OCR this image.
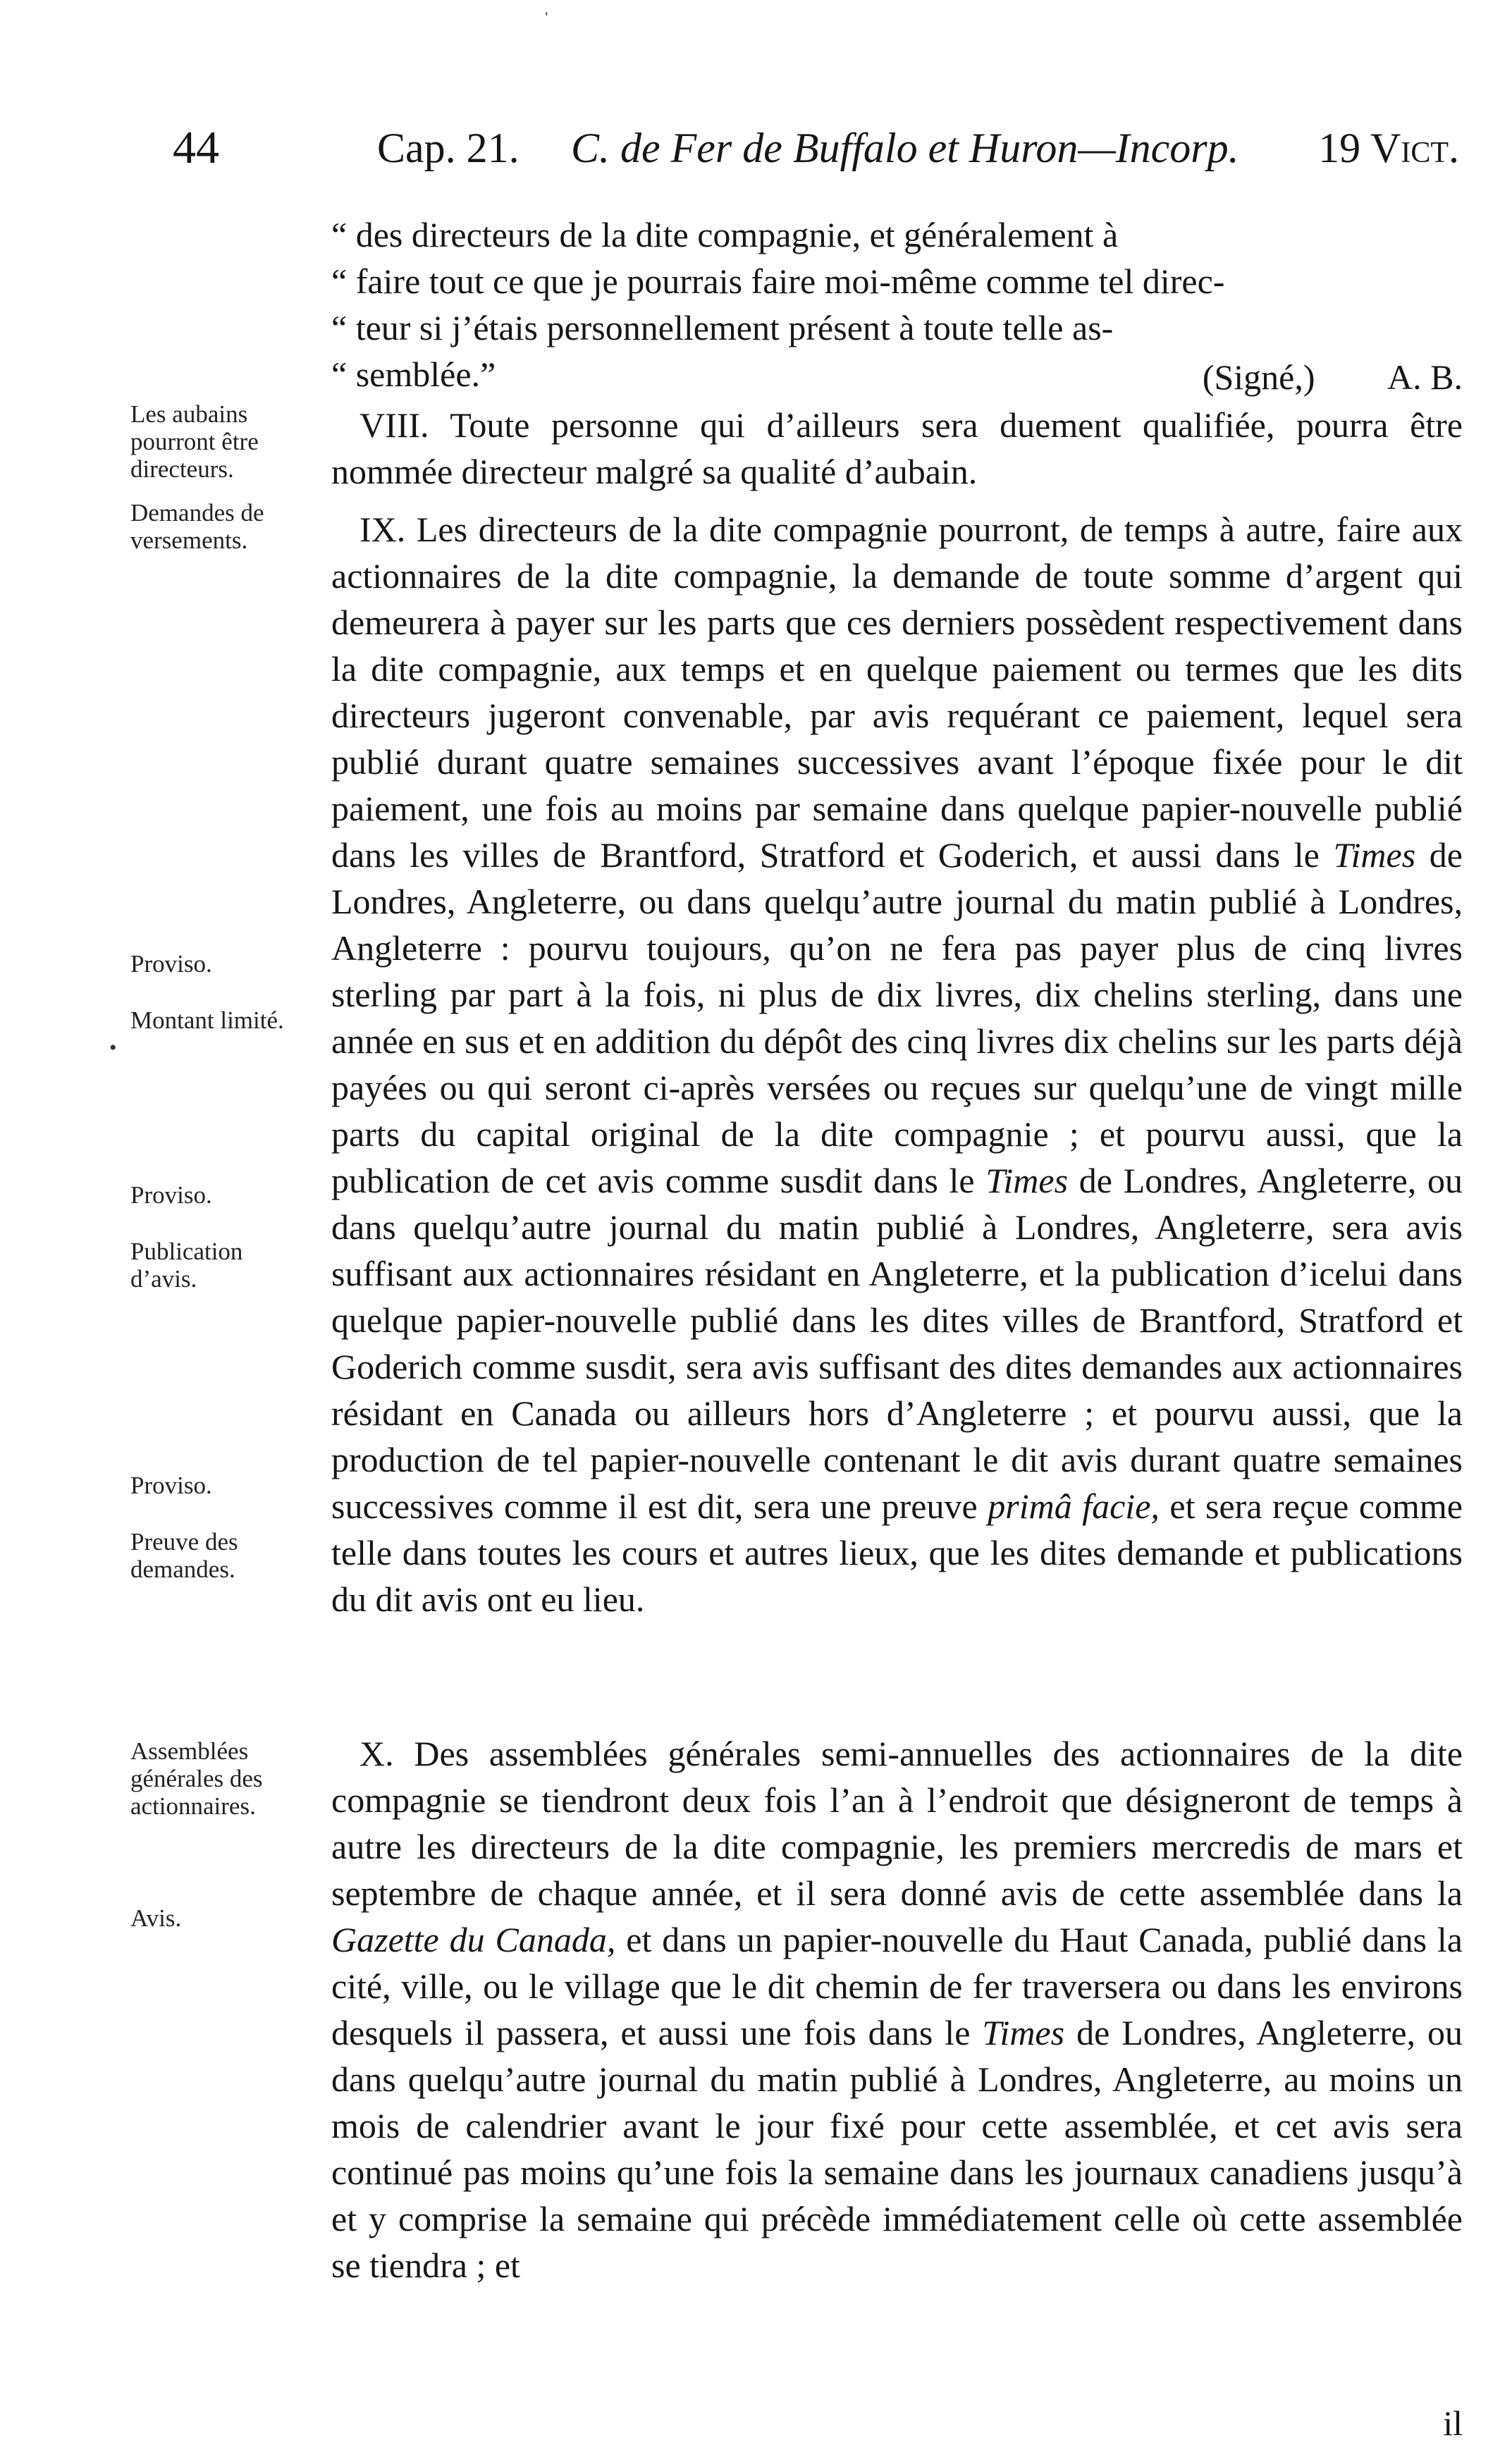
ˈ
44	Cap. 21. C. de Fer de Buffalo et Huron—Incorp. 19 Vict.

“ des directeurs de la dite compagnie, et généralement à

“ faire tout ce que je pourrais faire moi-même comme tel direc-

“ teur si j’étais personnellement présent à toute telle as-

“ semblée.”	(Signé,) A. B.
Les aubains pourront être directeurs.
Demandes de versements.
Proviso.
Montant limité.
•
Proviso.
Publication d’avis.
Proviso.
Preuve des demandes.
Assemblées générales des actionnaires.
Avis.

VIII. Toute personne qui d’ailleurs sera duement qualifiée, pourra être nommée directeur malgré sa qualité d’aubain.

IX. Les directeurs de la dite compagnie pourront, de temps à autre, faire aux actionnaires de la dite compagnie, la demande de toute somme d’argent qui demeurera à payer sur les parts que ces derniers possèdent respectivement dans la dite compagnie, aux temps et en quelque paiement ou termes que les dits directeurs jugeront convenable, par avis requérant ce paiement, lequel sera publié durant quatre semaines successives avant l’époque fixée pour le dit paiement, une fois au moins par semaine dans quelque papier-nouvelle publié dans les villes de Brantford, Stratford et Goderich, et aussi dans le Times de Londres, Angleterre, ou dans quelqu’autre journal du matin publié à Londres, Angleterre : pourvu toujours, qu’on ne fera pas payer plus de cinq livres sterling par part à la fois, ni plus de dix livres, dix chelins sterling, dans une année en sus et en addition du dépôt des cinq livres dix chelins sur les parts déjà payées ou qui seront ci-après versées ou reçues sur quelqu’une de vingt mille parts du capital original de la dite compagnie ; et pourvu aussi, que la publication de cet avis comme susdit dans le Times de Londres, Angleterre, ou dans quelqu’autre journal du matin publié à Londres, Angleterre, sera avis suffisant aux actionnaires résidant en Angleterre, et la publication d’icelui dans quelque papier-nouvelle publié dans les dites villes de Brantford, Stratford et Goderich comme susdit, sera avis suffisant des dites demandes aux actionnaires résidant en Canada ou ailleurs hors d’Angleterre ; et pourvu aussi, que la production de tel papier-nouvelle contenant le dit avis durant quatre semaines successives comme il est dit, sera une preuve primâ facie, et sera reçue comme telle dans toutes les cours et autres lieux, que les dites demande et publications du dit avis ont eu lieu.

X. Des assemblées générales semi-annuelles des actionnaires de la dite compagnie se tiendront deux fois l’an à l’endroit que désigneront de temps à autre les directeurs de la dite compagnie, les premiers mercredis de mars et septembre de chaque année, et il sera donné avis de cette assemblée dans la Gazette du Canada, et dans un papier-nouvelle du Haut Canada, publié dans la cité, ville, ou le village que le dit chemin de fer traversera ou dans les environs desquels il passera, et aussi une fois dans le Times de Londres, Angleterre, ou dans quelqu’autre journal du matin publié à Londres, Angleterre, au moins un mois de calendrier avant le jour fixé pour cette assemblée, et cet avis sera continué pas moins qu’une fois la semaine dans les journaux canadiens jusqu’à et y comprise la semaine qui précède immédiatement celle où cette assemblée se tiendra ; et

il
